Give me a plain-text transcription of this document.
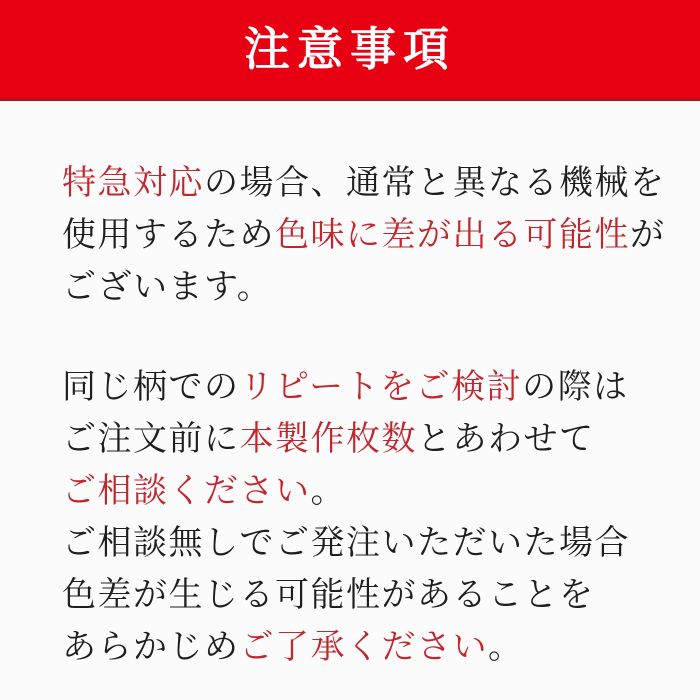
注意事項
特急対応の場合、通常と異なる機械を
使用するため色味に差が出る可能性が
ございます。
同じ柄でのリピートをご検討の際は
ご注文前に本製作枚数とあわせて
ご相談ください。
ご相談無しでご発注いただいた場合
色差が生じる可能性があることを
あらかじめご了承ください。
